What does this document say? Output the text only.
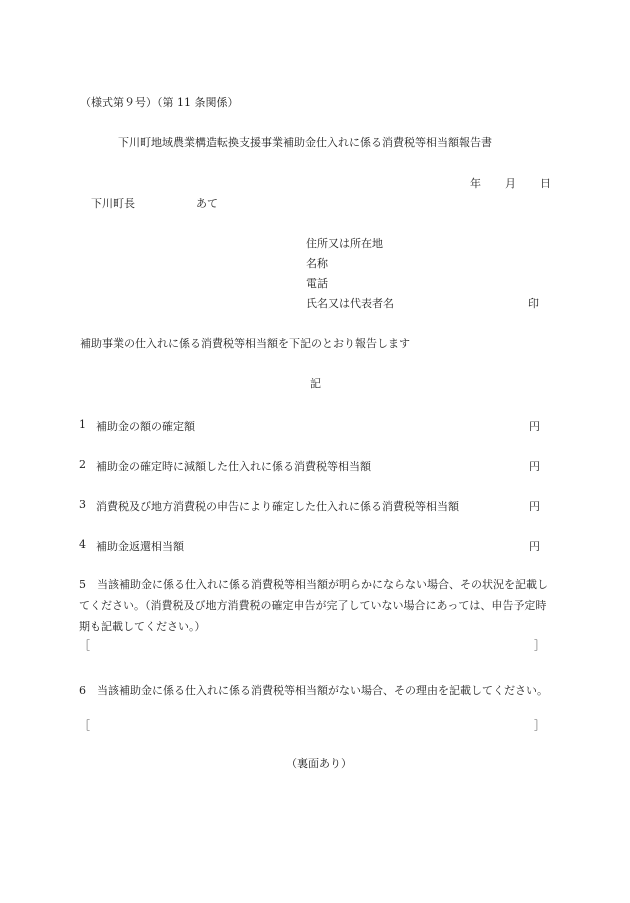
（様式第９号）（第 11 条関係）
下川町地域農業構造転換支援事業補助金仕入れに係る消費税等相当額報告書
年 月 日
下川町長	あて
住所又は所在地
名称
電話
氏名又は代表者名	印
補助事業の仕入れに係る消費税等相当額を下記のとおり報告します
記
1 補助金の額の確定額	円
2 補助金の確定時に減額した仕入れに係る消費税等相当額	円
3 消費税及び地方消費税の申告により確定した仕入れに係る消費税等相当額	円
4 補助金返還相当額	円
5　当該補助金に係る仕入れに係る消費税等相当額が明らかにならない場合、その状況を記載してください。（消費税及び地方消費税の確定申告が完了していない場合にあっては、申告予定時期も記載してください。）
［	］
6　当該補助金に係る仕入れに係る消費税等相当額がない場合、その理由を記載してください。
［	］
（裏面あり）
